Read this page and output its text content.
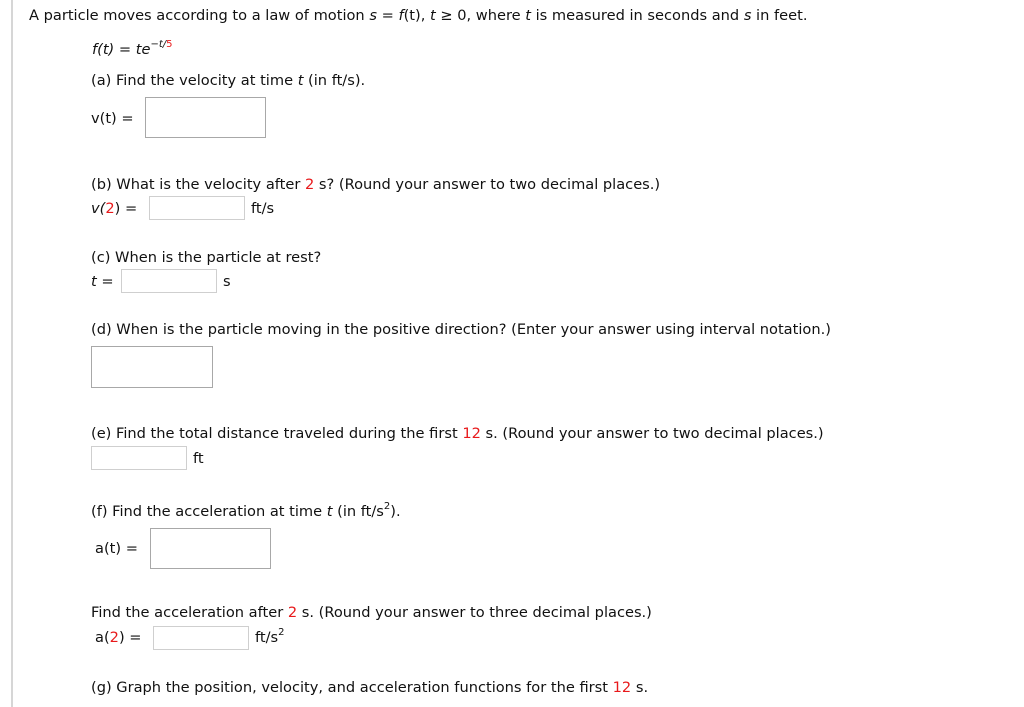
A particle moves according to a law of motion s = f(t), t ≥ 0, where t is measured in seconds and s in feet.
$f(t) = te^{-t/5}$
(a) Find the velocity at time t (in ft/s).
v(t) =
(b) What is the velocity after 2 s? (Round your answer to two decimal places.)
v(2) =	ft/s
(c) When is the particle at rest?
t =	s
(d) When is the particle moving in the positive direction? (Enter your answer using interval notation.)
(e) Find the total distance traveled during the first 12 s. (Round your answer to two decimal places.)
ft
(f) Find the acceleration at time t (in $ft/s^2$).
a(t) =
Find the acceleration after 2 s. (Round your answer to three decimal places.)
a(2) =	$ft/s^2$
(g) Graph the position, velocity, and acceleration functions for the first 12 s.
